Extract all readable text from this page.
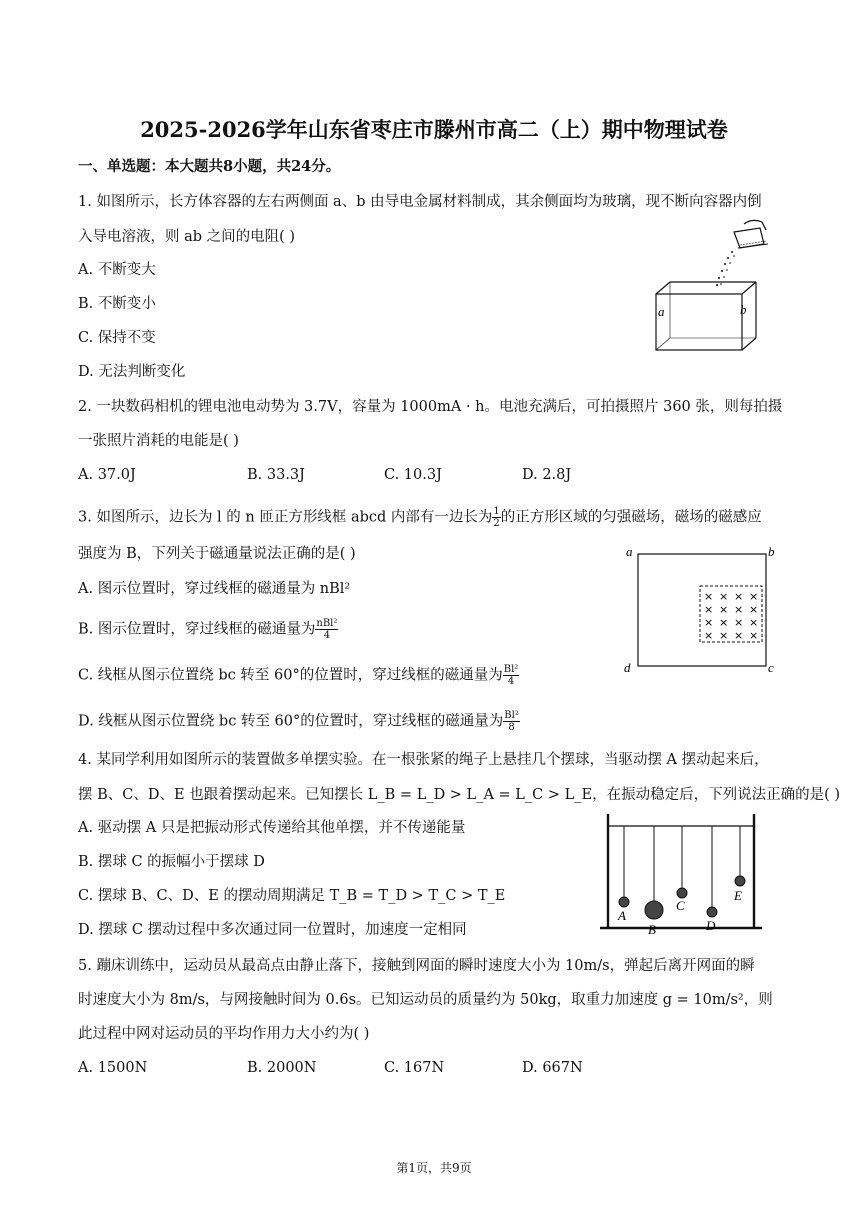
2025-2026学年山东省枣庄市滕州市高二（上）期中物理试卷
一、单选题：本大题共8小题，共24分。
1. 如图所示，长方体容器的左右两侧面 a、b 由导电金属材料制成，其余侧面均为玻璃，现不断向容器内倒
入导电溶液，则 ab 之间的电阻( )
A. 不断变大
B. 不断变小
C. 保持不变
D. 无法判断变化
a	b
2. 一块数码相机的锂电池电动势为 3.7V，容量为 1000mA · h。电池充满后，可拍摄照片 360 张，则每拍摄
一张照片消耗的电能是( )
A. 37.0J	B. 33.3J	C. 10.3J	D. 2.8J
3. 如图所示，边长为 l 的 n 匝正方形线框 abcd 内部有一边长为 $\frac{1}{2}$ 的正方形区域的匀强磁场，磁场的磁感应
强度为 B，下列关于磁通量说法正确的是( )
A. 图示位置时，穿过线框的磁通量为 nBl²
B. 图示位置时，穿过线框的磁通量为 $\frac{\text{nBl²}}{4}$
C. 线框从图示位置绕 bc 转至 60°的位置时，穿过线框的磁通量为 $\frac{\text{Bl²}}{4}$
D. 线框从图示位置绕 bc 转至 60°的位置时，穿过线框的磁通量为 $\frac{\text{Bl²}}{8}$
× × × ×
× × × ×
× × × ×
× × × ×
a	b
c
d
4. 某同学利用如图所示的装置做多单摆实验。在一根张紧的绳子上悬挂几个摆球，当驱动摆 A 摆动起来后，
摆 B、C、D、E 也跟着摆动起来。已知摆长 L_B = L_D > L_A = L_C > L_E，在振动稳定后，下列说法正确的是( )
A. 驱动摆 A 只是把振动形式传递给其他单摆，并不传递能量
B. 摆球 C 的振幅小于摆球 D
C. 摆球 B、C、D、E 的摆动周期满足 T_B = T_D > T_C > T_E
D. 摆球 C 摆动过程中多次通过同一位置时，加速度一定相同
A
B
C
D
E
5. 蹦床训练中，运动员从最高点由静止落下，接触到网面的瞬时速度大小为 10m/s，弹起后离开网面的瞬
时速度大小为 8m/s，与网接触时间为 0.6s。已知运动员的质量约为 50kg，取重力加速度 g = 10m/s²，则
此过程中网对运动员的平均作用力大小约为( )
A. 1500N	B. 2000N	C. 167N	D. 667N
第1页，共9页
